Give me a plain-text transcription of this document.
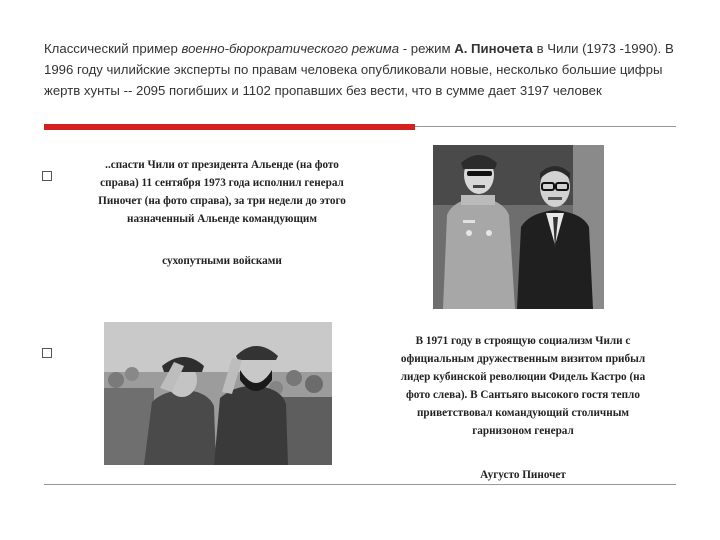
Классический пример военно-бюрократического режима - режим А. Пиночета в Чили (1973 -1990). В 1996 году чилийские эксперты по правам человека опубликовали новые, несколько большие цифры жертв хунты -- 2095 погибших и 1102 пропавших без вести, что в сумме дает 3197 человек
..спасти Чили от президента Альенде (на фото справа) 11 сентября 1973 года исполнил генерал Пиночет (на фото справа), за три недели до этого назначенный Альенде командующим
сухопутными войсками
В 1971 году в строящую социализм Чили с официальным дружественным визитом прибыл лидер кубинской революции Фидель Кастро (на фото слева). В Сантьяго высокого гостя тепло приветствовал командующий столичным гарнизоном генерал
Аугусто Пиночет
